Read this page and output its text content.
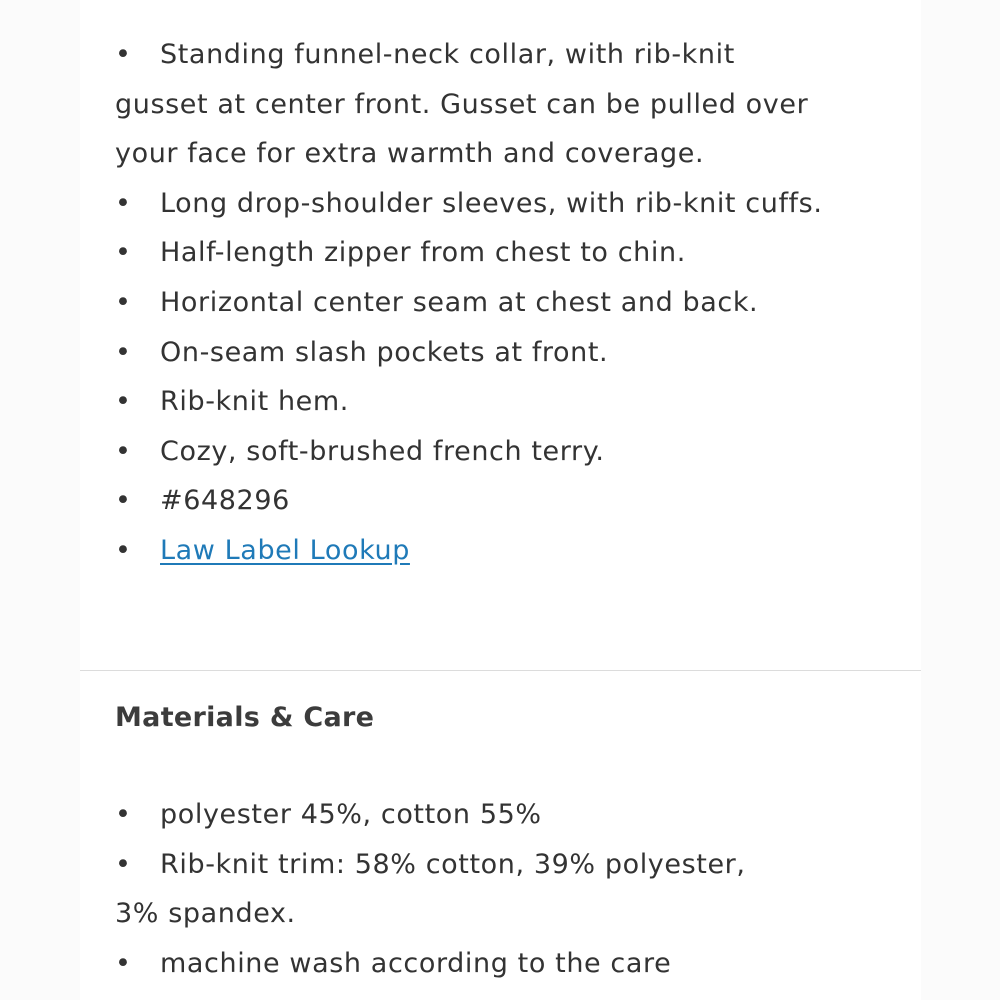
• Standing funnel-neck collar, with rib-knit
gusset at center front. Gusset can be pulled over
your face for extra warmth and coverage.
• Long drop-shoulder sleeves, with rib-knit cuffs.
• Half-length zipper from chest to chin.
• Horizontal center seam at chest and back.
• On-seam slash pockets at front.
• Rib-knit hem.
• Cozy, soft-brushed french terry.
• #648296
• Law Label Lookup
Materials & Care
• polyester 45%, cotton 55%
• Rib-knit trim: 58% cotton, 39% polyester,
3% spandex.
• machine wash according to the care
